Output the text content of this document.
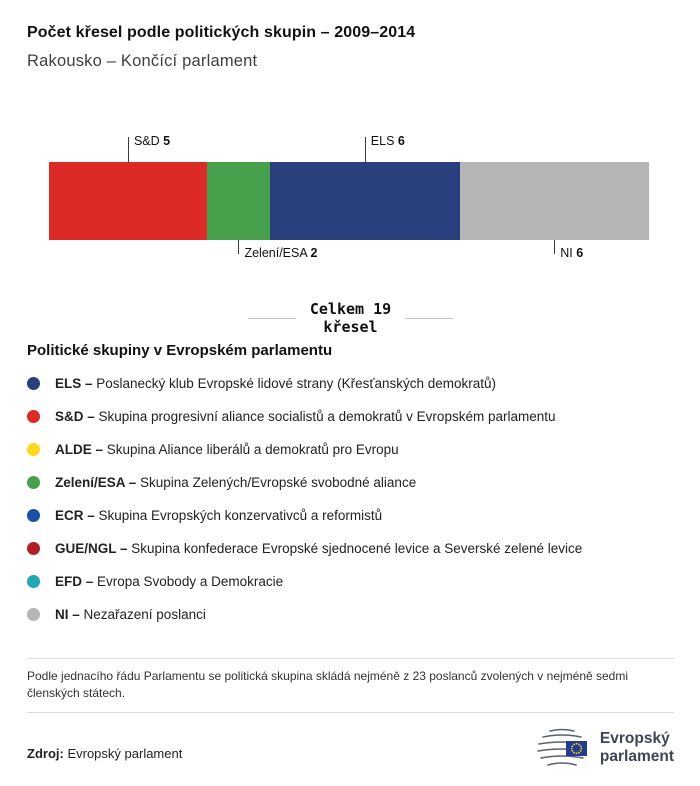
Počet křesel podle politických skupin – 2009–2014
Rakousko – Končící parlament
S&D 5
Zelení/ESA 2
ELS 6
NI 6
Celkem 19
křesel
Politické skupiny v Evropském parlamentu
ELS – Poslanecký klub Evropské lidové strany (Křesťanských demokratů)
S&D – Skupina progresivní aliance socialistů a demokratů v Evropském parlamentu
ALDE – Skupina Aliance liberálů a demokratů pro Evropu
Zelení/ESA – Skupina Zelených/Evropské svobodné aliance
ECR – Skupina Evropských konzervativců a reformistů
GUE/NGL – Skupina konfederace Evropské sjednocené levice a Severské zelené levice
EFD – Evropa Svobody a Demokracie
NI – Nezařazení poslanci

Podle jednacího řádu Parlamentu se politická skupina skládá nejméně z 23 poslanců zvolených v nejméně sedmi členských státech.

Zdroj: Evropský parlament
Evropský
parlament
